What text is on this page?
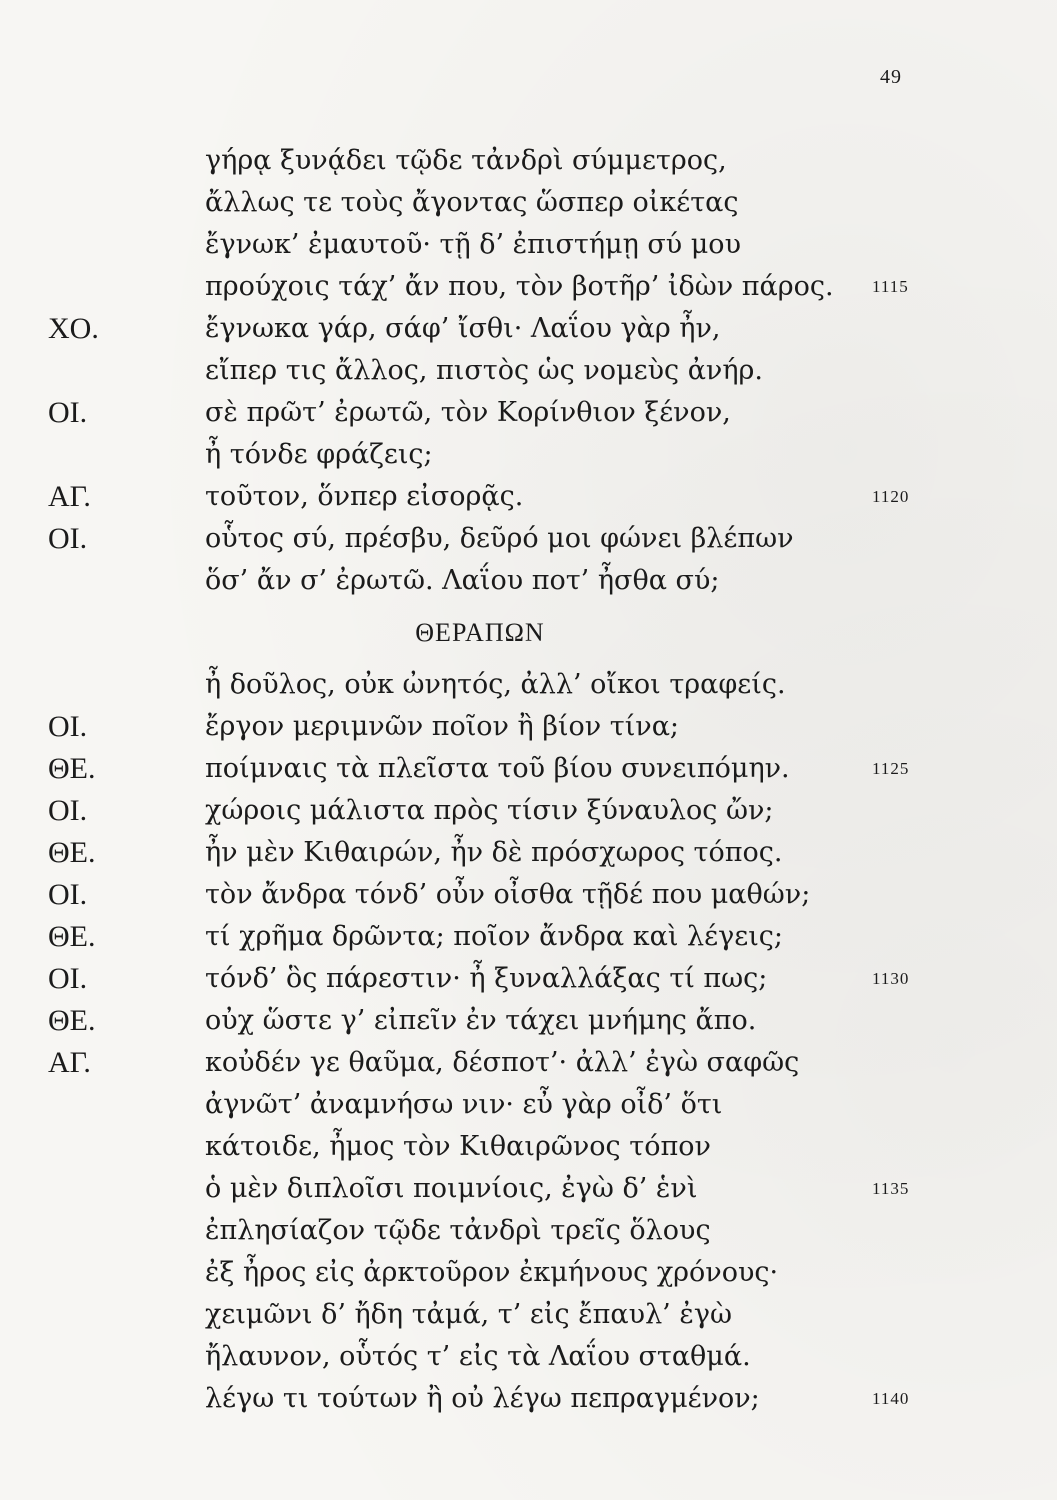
49
γήρᾳ ξυνᾴδει τῷδε τἀνδρὶ σύμμετρος,
ἄλλως τε τοὺς ἄγοντας ὥσπερ οἰκέτας
ἔγνωκ’ ἐμαυτοῦ· τῇ δ’ ἐπιστήμῃ σύ μου
προύχοις τάχ’ ἄν που, τὸν βοτῆρ’ ἰδὼν πάρος. 1115
ΧΟ.	ἔγνωκα γάρ, σάφ’ ἴσθι· Λαΐου γὰρ ἦν,
εἴπερ τις ἄλλος, πιστὸς ὡς νομεὺς ἀνήρ.
ΟΙ.	σὲ πρῶτ’ ἐρωτῶ, τὸν Κορίνθιον ξένον,
ἦ τόνδε φράζεις;
ΑΓ.	τοῦτον, ὅνπερ εἰσορᾷς.	1120
ΟΙ.	οὗτος σύ, πρέσβυ, δεῦρό μοι φώνει βλέπων
ὅσ’ ἄν σ’ ἐρωτῶ. Λαΐου ποτ’ ἦσθα σύ;
ΘΕΡΑΠΩΝ
ἦ δοῦλος, οὐκ ὠνητός, ἀλλ’ οἴκοι τραφείς.
ΟΙ.	ἔργον μεριμνῶν ποῖον ἢ βίον τίνα;
ΘΕ.	ποίμναις τὰ πλεῖστα τοῦ βίου συνειπόμην.	1125
ΟΙ.	χώροις μάλιστα πρὸς τίσιν ξύναυλος ὤν;
ΘΕ.	ἦν μὲν Κιθαιρών, ἦν δὲ πρόσχωρος τόπος.
ΟΙ.	τὸν ἄνδρα τόνδ’ οὖν οἶσθα τῇδέ που μαθών;
ΘΕ.	τί χρῆμα δρῶντα; ποῖον ἄνδρα καὶ λέγεις;
ΟΙ.	τόνδ’ ὃς πάρεστιν· ἦ ξυναλλάξας τί πως;	1130
ΘΕ.	οὐχ ὥστε γ’ εἰπεῖν ἐν τάχει μνήμης ἄπο.
ΑΓ.	κοὐδέν γε θαῦμα, δέσποτ’· ἀλλ’ ἐγὼ σαφῶς
ἀγνῶτ’ ἀναμνήσω νιν· εὖ γὰρ οἶδ’ ὅτι
κάτοιδε, ἦμος τὸν Κιθαιρῶνος τόπον
ὁ μὲν διπλοῖσι ποιμνίοις, ἐγὼ δ’ ἑνὶ	1135
ἐπλησίαζον τῷδε τἀνδρὶ τρεῖς ὅλους
ἐξ ἦρος εἰς ἀρκτοῦρον ἐκμήνους χρόνους·
χειμῶνι δ’ ἤδη τἀμά, τ’ εἰς ἔπαυλ’ ἐγὼ
ἤλαυνον, οὗτός τ’ εἰς τὰ Λαΐου σταθμά.
λέγω τι τούτων ἢ οὐ λέγω πεπραγμένον;	1140
